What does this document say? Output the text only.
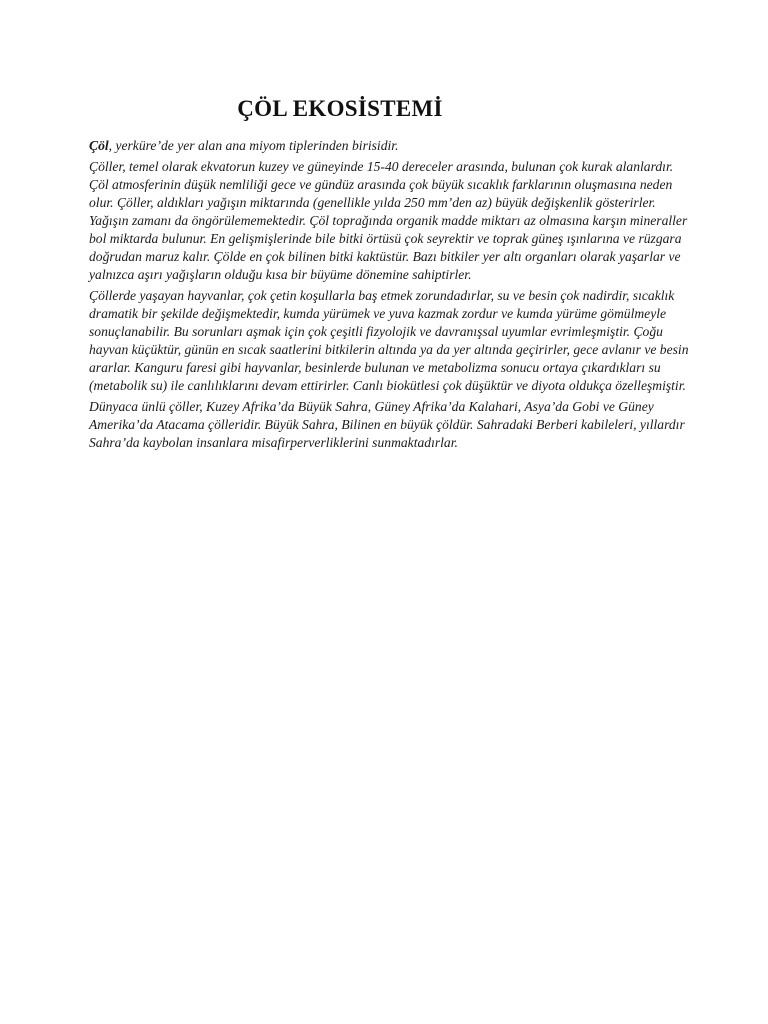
ÇÖL EKOSİSTEMİ

Çöl, yerküre’de yer alan ana miyom tiplerinden birisidir.

Çöller, temel olarak ekvatorun kuzey ve güneyinde 15-40 dereceler arasında, bulunan çok kurak alanlardır. Çöl atmosferinin düşük nemliliği gece ve gündüz arasında çok büyük sıcaklık farklarının oluşmasına neden olur. Çöller, aldıkları yağışın miktarında (genellikle yılda 250 mm’den az) büyük değişkenlik gösterirler. Yağışın zamanı da öngörülememektedir. Çöl toprağında organik madde miktarı az olmasına karşın mineraller bol miktarda bulunur. En gelişmişlerinde bile bitki örtüsü çok seyrektir ve toprak güneş ışınlarına ve rüzgara doğrudan maruz kalır. Çölde en çok bilinen bitki kaktüstür. Bazı bitkiler yer altı organları olarak yaşarlar ve yalnızca aşırı yağışların olduğu kısa bir büyüme dönemine sahiptirler.

Çöllerde yaşayan hayvanlar, çok çetin koşullarla baş etmek zorundadırlar, su ve besin çok nadirdir, sıcaklık dramatik bir şekilde değişmektedir, kumda yürümek ve yuva kazmak zordur ve kumda yürüme gömülmeyle sonuçlanabilir. Bu sorunları aşmak için çok çeşitli fizyolojik ve davranışsal uyumlar evrimleşmiştir. Çoğu hayvan küçüktür, günün en sıcak saatlerini bitkilerin altında ya da yer altında geçirirler, gece avlanır ve besin ararlar. Kanguru faresi gibi hayvanlar, besinlerde bulunan ve metabolizma sonucu ortaya çıkardıkları su (metabolik su) ile canlılıklarını devam ettirirler. Canlı biokütlesi çok düşüktür ve diyota oldukça özelleşmiştir.

Dünyaca ünlü çöller, Kuzey Afrika’da Büyük Sahra, Güney Afrika’da Kalahari, Asya’da Gobi ve Güney Amerika’da Atacama çölleridir. Büyük Sahra, Bilinen en büyük çöldür. Sahradaki Berberi kabileleri, yıllardır Sahra’da kaybolan insanlara misafirperverliklerini sunmaktadırlar.
